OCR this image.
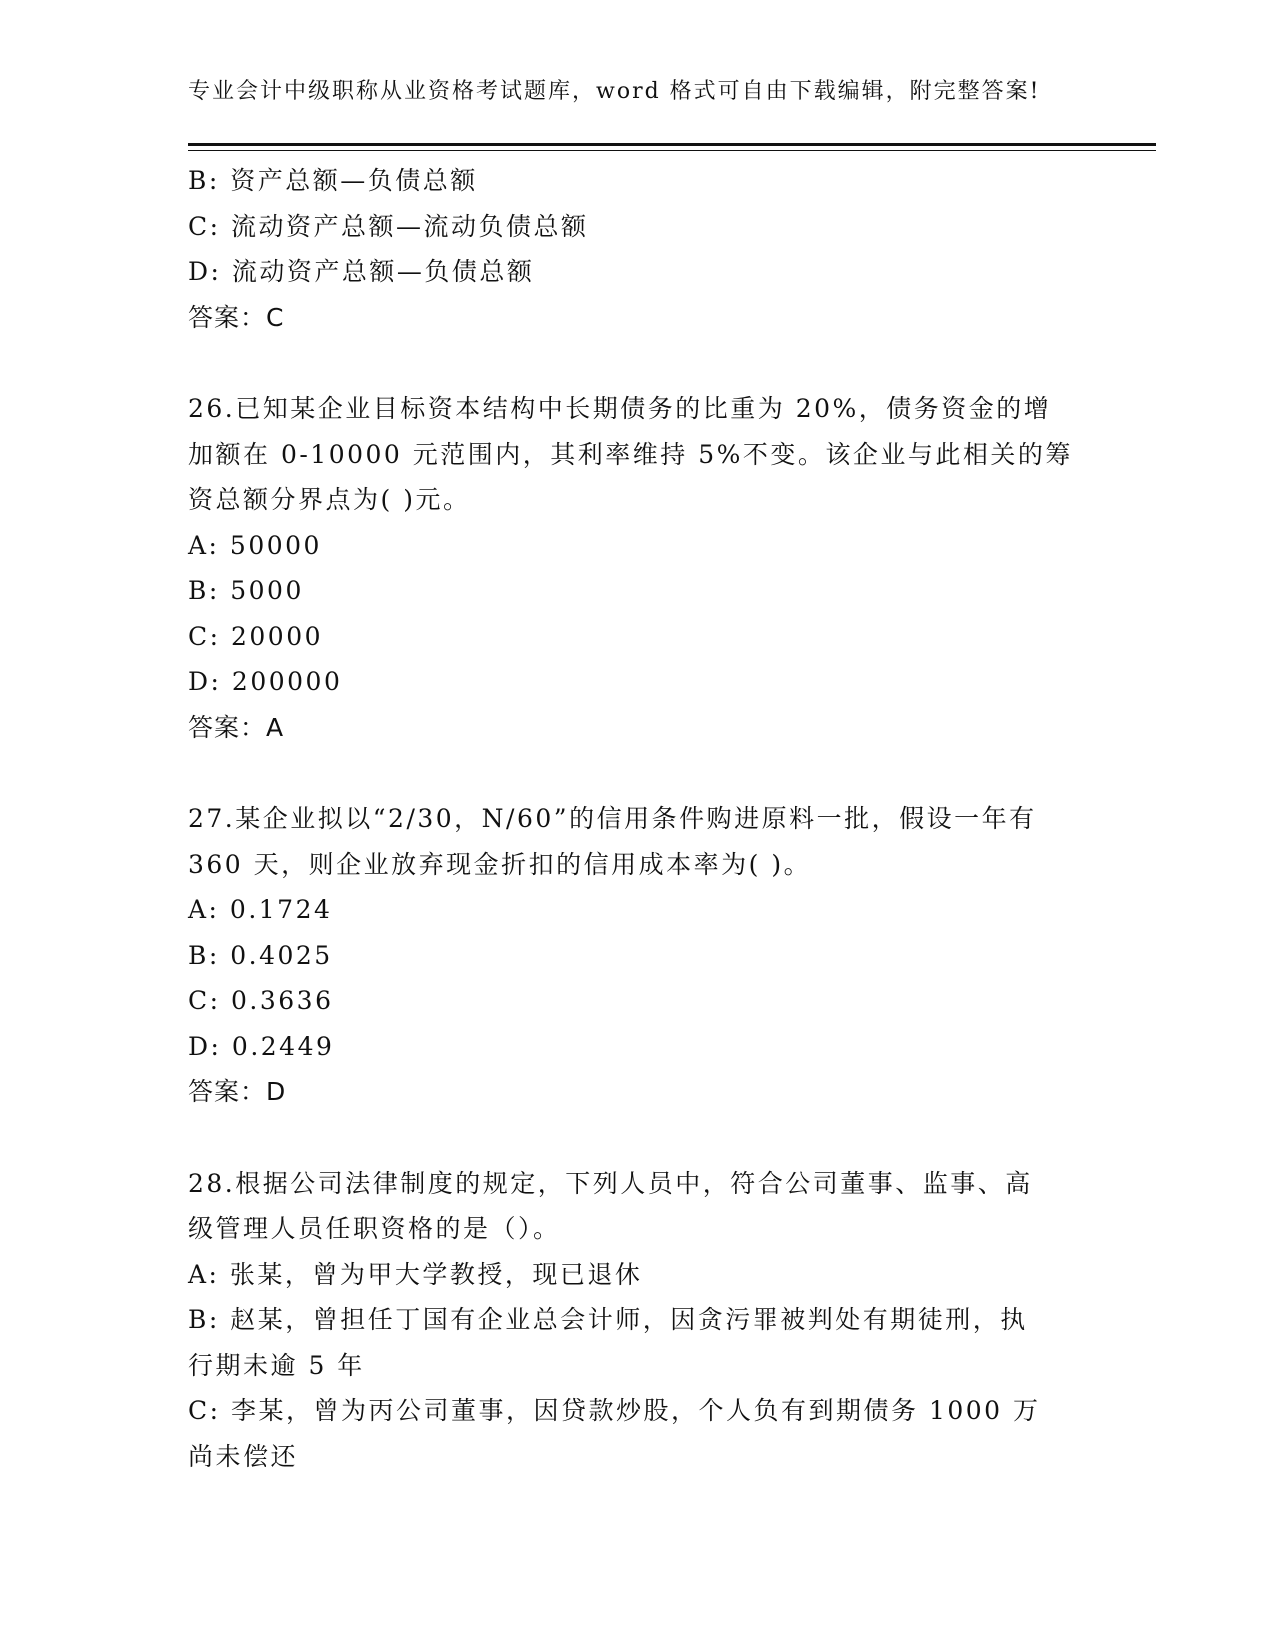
专业会计中级职称从业资格考试题库，word 格式可自由下载编辑，附完整答案!
B: 资产总额—负债总额
C: 流动资产总额—流动负债总额
D: 流动资产总额—负债总额
答案：C
26.已知某企业目标资本结构中长期债务的比重为 20%，债务资金的增
加额在 0-10000 元范围内，其利率维持 5%不变。该企业与此相关的筹
资总额分界点为( )元。
A: 50000
B: 5000
C: 20000
D: 200000
答案：A
27.某企业拟以“2/30，N/60”的信用条件购进原料一批，假设一年有
360 天，则企业放弃现金折扣的信用成本率为( )。
A: 0.1724
B: 0.4025
C: 0.3636
D: 0.2449
答案：D
28.根据公司法律制度的规定，下列人员中，符合公司董事、监事、高
级管理人员任职资格的是（）。
A: 张某，曾为甲大学教授，现已退休
B: 赵某，曾担任丁国有企业总会计师，因贪污罪被判处有期徒刑，执
行期未逾 5 年
C: 李某，曾为丙公司董事，因贷款炒股，个人负有到期债务 1000 万
尚未偿还
